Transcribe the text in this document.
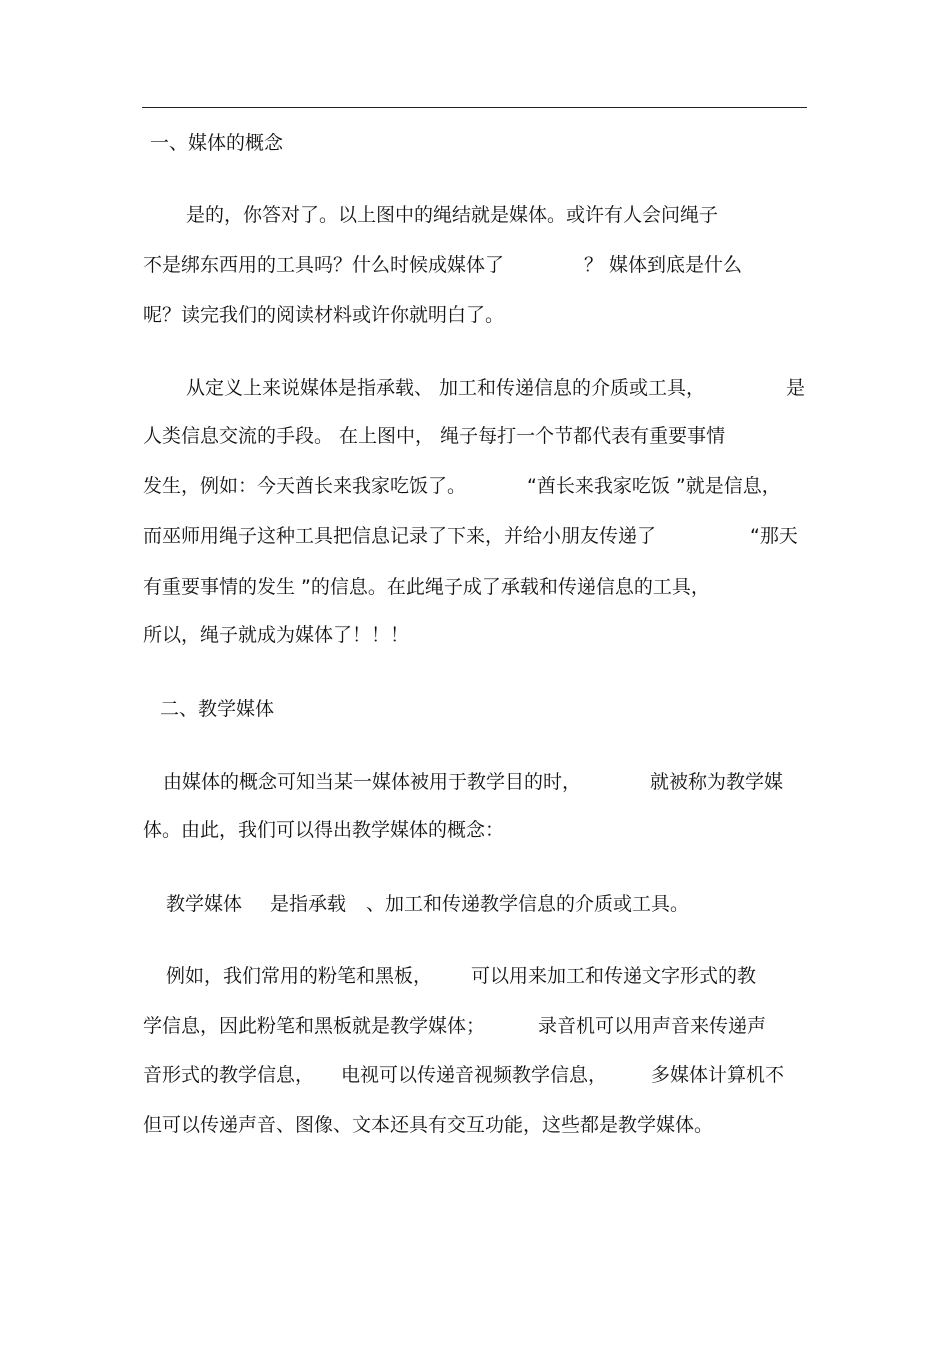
一、媒体的概念
是的，你答对了。以上图中的绳结就是媒体。或许有人会问绳子
不是绑东西用的工具吗？什么时候成媒体了	？ 媒体到底是什么
呢？读完我们的阅读材料或许你就明白了。
从定义上来说媒体是指承载、 加工和传递信息的介质或工具，	是
人类信息交流的手段。 在上图中， 绳子每打一个节都代表有重要事情
发生，例如：今天酋长来我家吃饭了。	“酋长来我家吃饭 ”就是信息，
而巫师用绳子这种工具把信息记录了下来，并给小朋友传递了	“那天
有重要事情的发生 ”的信息。在此绳子成了承载和传递信息的工具，
所以，绳子就成为媒体了！！！
二、教学媒体
由媒体的概念可知当某一媒体被用于教学目的时，	就被称为教学媒
体。由此，我们可以得出教学媒体的概念：
教学媒体 是指承载 、加工和传递教学信息的介质或工具。
例如，我们常用的粉笔和黑板， 可以用来加工和传递文字形式的教
学信息，因此粉笔和黑板就是教学媒体；	录音机可以用声音来传递声
音形式的教学信息， 电视可以传递音视频教学信息， 多媒体计算机不
但可以传递声音、图像、文本还具有交互功能，这些都是教学媒体。
